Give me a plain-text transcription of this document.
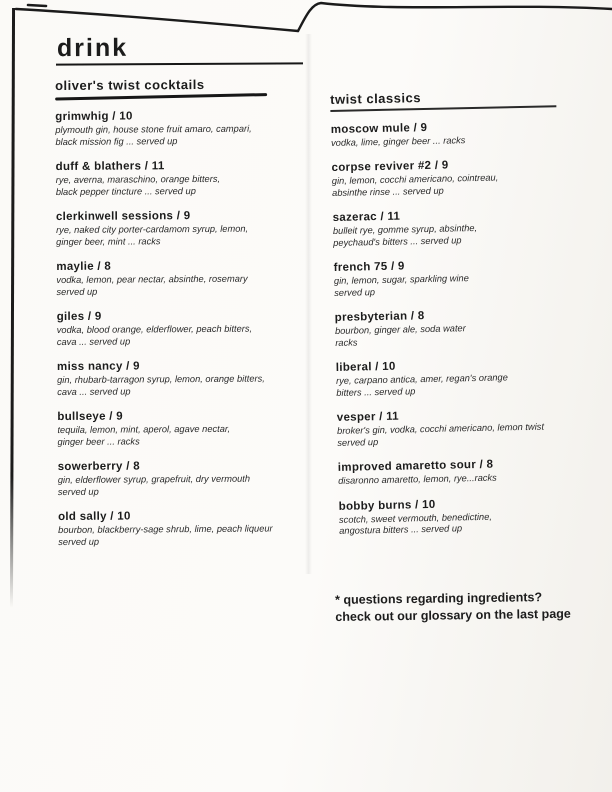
drink
oliver's twist cocktails
grimwhig / 10
plymouth gin, house stone fruit amaro, campari,
black mission fig ... served up
duff & blathers / 11
rye, averna, maraschino, orange bitters,
black pepper tincture ... served up
clerkinwell sessions / 9
rye, naked city porter-cardamom syrup, lemon,
ginger beer, mint ... racks
maylie / 8
vodka, lemon, pear nectar, absinthe, rosemary
served up
giles / 9
vodka, blood orange, elderflower, peach bitters,
cava ... served up
miss nancy / 9
gin, rhubarb-tarragon syrup, lemon, orange bitters,
cava ... served up
bullseye / 9
tequila, lemon, mint, aperol, agave nectar,
ginger beer ... racks
sowerberry / 8
gin, elderflower syrup, grapefruit, dry vermouth
served up
old sally / 10
bourbon, blackberry-sage shrub, lime, peach liqueur
served up
twist classics
moscow mule / 9
vodka, lime, ginger beer ... racks
corpse reviver #2 / 9
gin, lemon, cocchi americano, cointreau,
absinthe rinse ... served up
sazerac / 11
bulleit rye, gomme syrup, absinthe,
peychaud's bitters ... served up
french 75 / 9
gin, lemon, sugar, sparkling wine
served up
presbyterian / 8
bourbon, ginger ale, soda water
racks
liberal / 10
rye, carpano antica, amer, regan's orange
bitters ... served up
vesper / 11
broker's gin, vodka, cocchi americano, lemon twist
served up
improved amaretto sour / 8
disaronno amaretto, lemon, rye...racks
bobby burns / 10
scotch, sweet vermouth, benedictine,
angostura bitters ... served up
* questions regarding ingredients?
check out our glossary on the last page
